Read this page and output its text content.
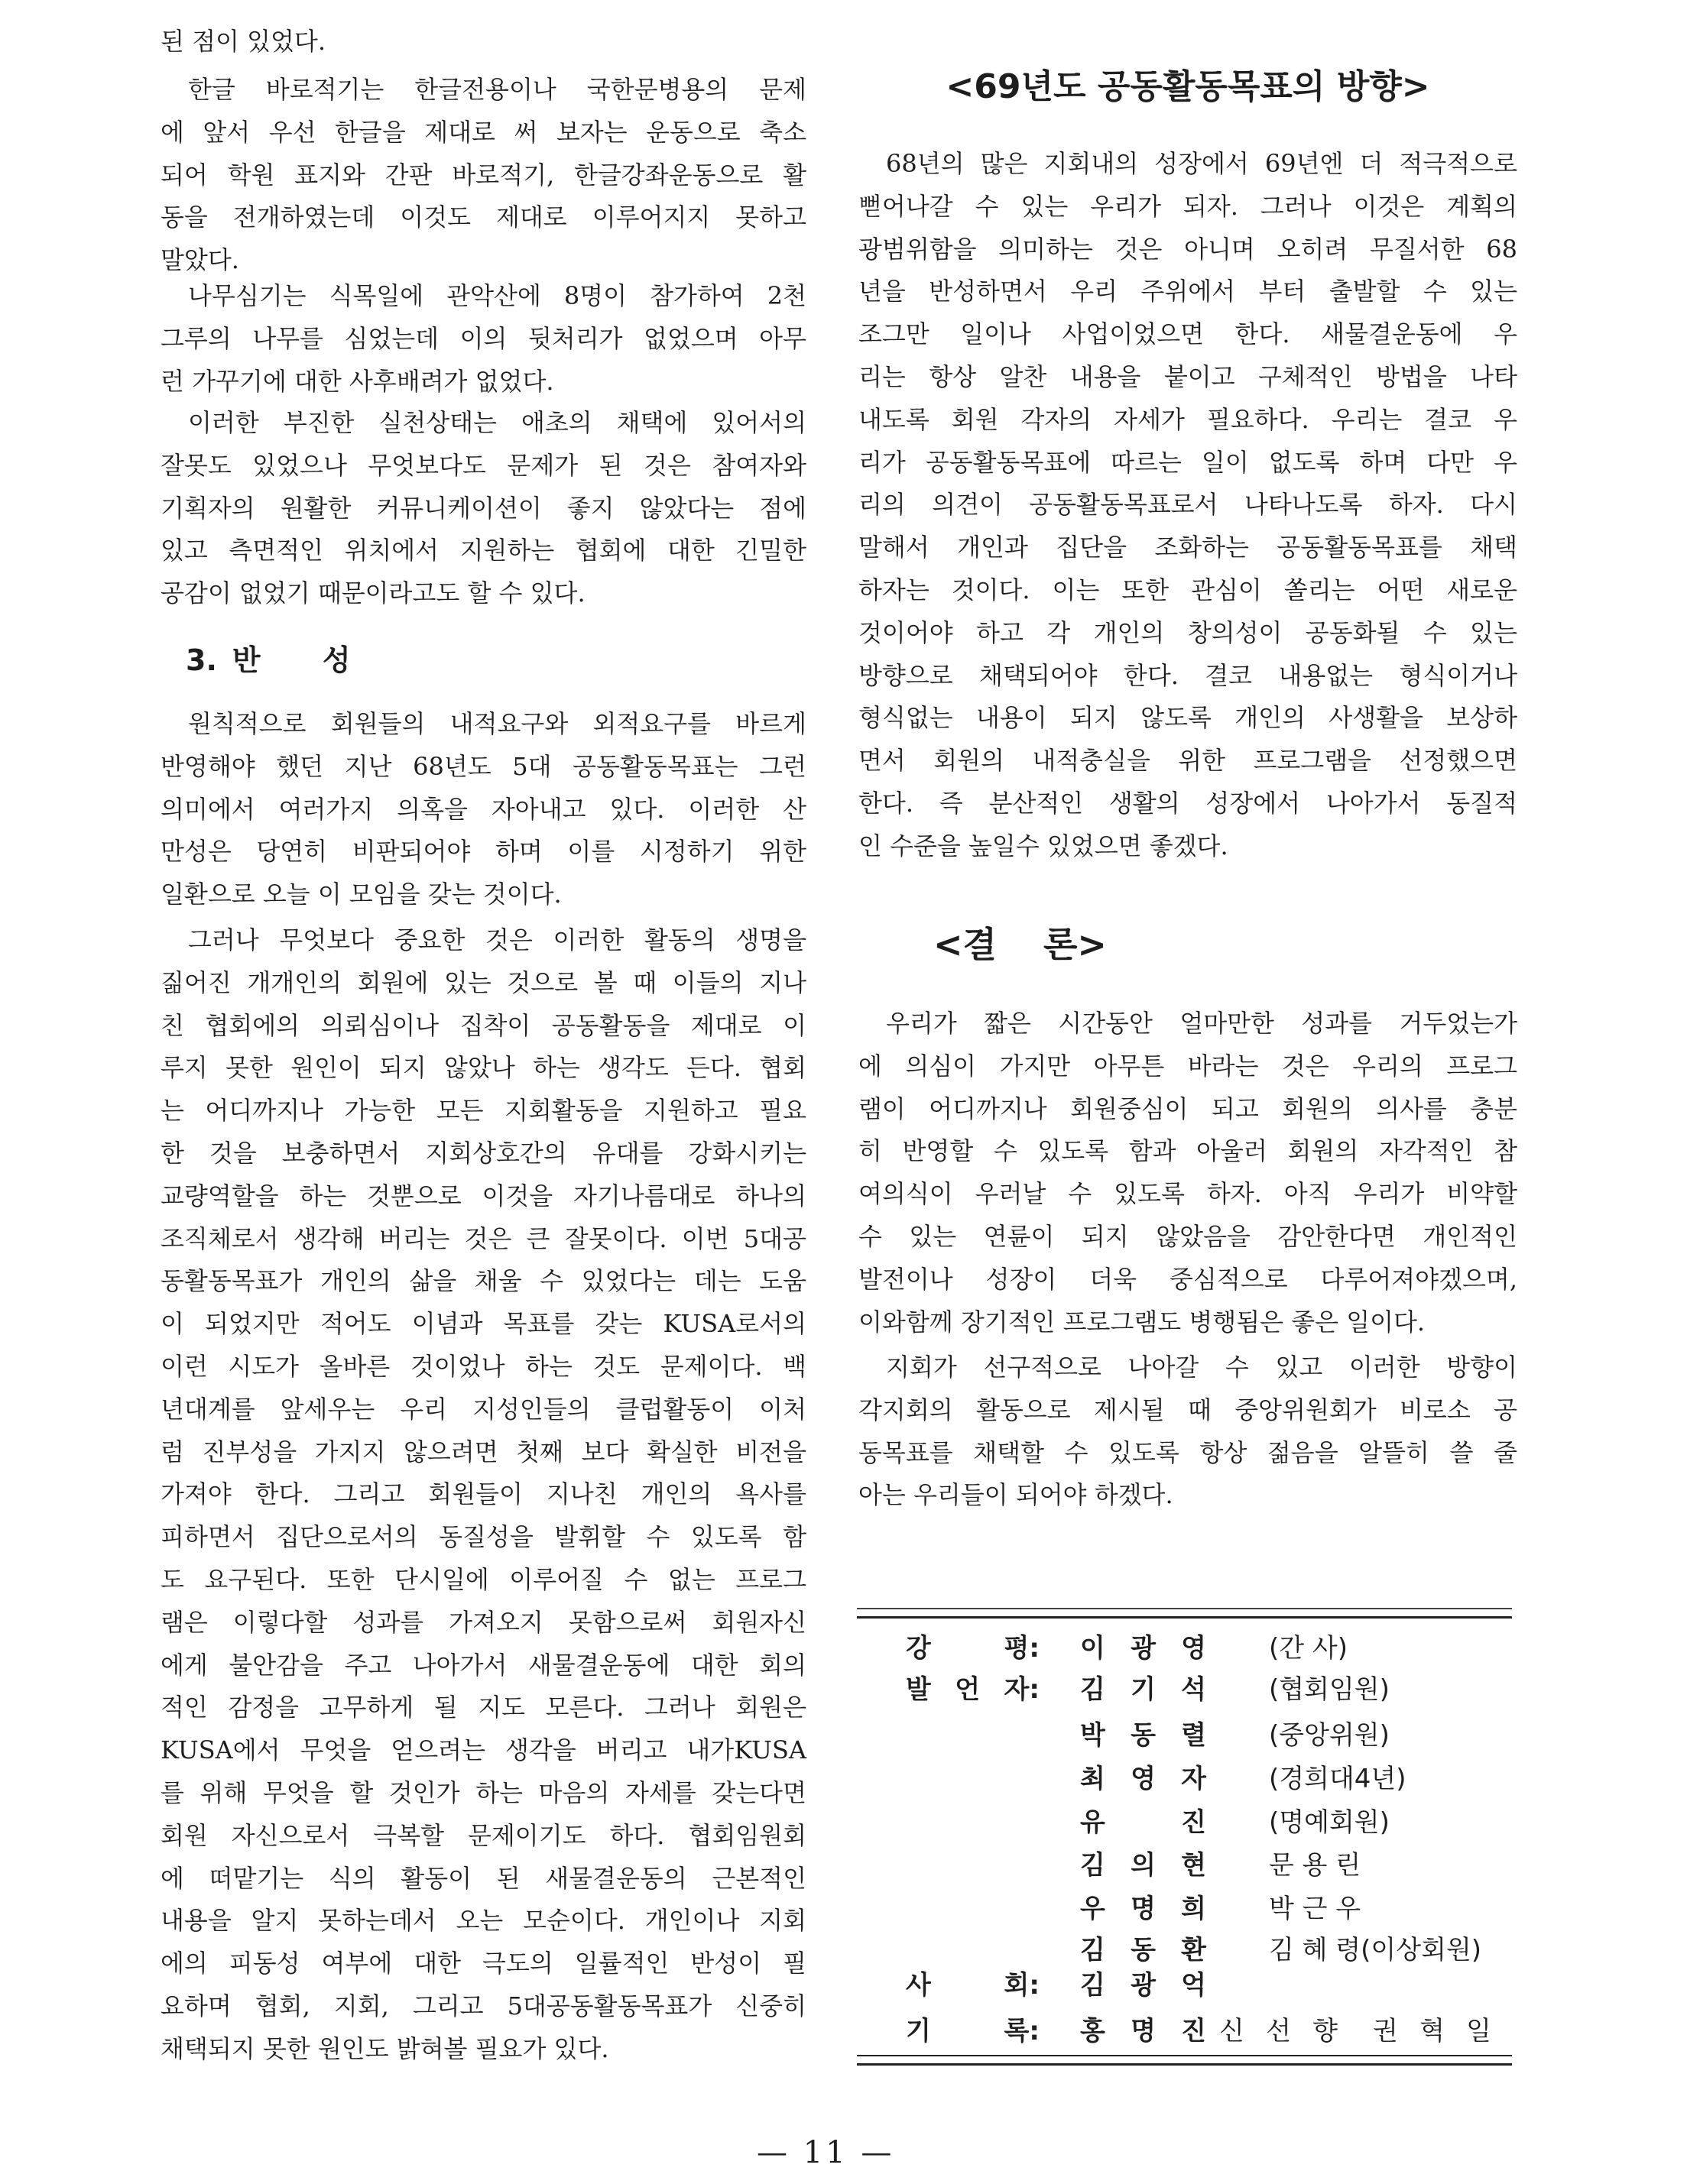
된 점이 있었다.
한글 바로적기는 한글전용이나 국한문병용의 문제
에 앞서 우선 한글을 제대로 써 보자는 운동으로 축소
되어 학원 표지와 간판 바로적기, 한글강좌운동으로 활
동을 전개하였는데 이것도 제대로 이루어지지 못하고
말았다.
나무심기는 식목일에 관악산에 8명이 참가하여 2천
그루의 나무를 심었는데 이의 뒷처리가 없었으며 아무
런 가꾸기에 대한 사후배려가 없었다.
이러한 부진한 실천상태는 애초의 채택에 있어서의
잘못도 있었으나 무엇보다도 문제가 된 것은 참여자와
기획자의 원활한 커뮤니케이션이 좋지 않았다는 점에
있고 측면적인 위치에서 지원하는 협회에 대한 긴밀한
공감이 없었기 때문이라고도 할 수 있다.
3. 반 성
원칙적으로 회원들의 내적요구와 외적요구를 바르게
반영해야 했던 지난 68년도 5대 공동활동목표는 그런
의미에서 여러가지 의혹을 자아내고 있다. 이러한 산
만성은 당연히 비판되어야 하며 이를 시정하기 위한
일환으로 오늘 이 모임을 갖는 것이다.
그러나 무엇보다 중요한 것은 이러한 활동의 생명을
짊어진 개개인의 회원에 있는 것으로 볼 때 이들의 지나
친 협회에의 의뢰심이나 집착이 공동활동을 제대로 이
루지 못한 원인이 되지 않았나 하는 생각도 든다. 협회
는 어디까지나 가능한 모든 지회활동을 지원하고 필요
한 것을 보충하면서 지회상호간의 유대를 강화시키는
교량역할을 하는 것뿐으로 이것을 자기나름대로 하나의
조직체로서 생각해 버리는 것은 큰 잘못이다. 이번 5대공
동활동목표가 개인의 삶을 채울 수 있었다는 데는 도움
이 되었지만 적어도 이념과 목표를 갖는 KUSA로서의
이런 시도가 올바른 것이었나 하는 것도 문제이다. 백
년대계를 앞세우는 우리 지성인들의 클럽활동이 이처
럼 진부성을 가지지 않으려면 첫째 보다 확실한 비전을
가져야 한다. 그리고 회원들이 지나친 개인의 욕사를
피하면서 집단으로서의 동질성을 발휘할 수 있도록 함
도 요구된다. 또한 단시일에 이루어질 수 없는 프로그
램은 이렇다할 성과를 가져오지 못함으로써 회원자신
에게 불안감을 주고 나아가서 새물결운동에 대한 회의
적인 감정을 고무하게 될 지도 모른다. 그러나 회원은
KUSA에서 무엇을 얻으려는 생각을 버리고 내가KUSA
를 위해 무엇을 할 것인가 하는 마음의 자세를 갖는다면
회원 자신으로서 극복할 문제이기도 하다. 협회임원회
에 떠맡기는 식의 활동이 된 새물결운동의 근본적인
내용을 알지 못하는데서 오는 모순이다. 개인이나 지회
에의 피동성 여부에 대한 극도의 일률적인 반성이 필
요하며 협회, 지회, 그리고 5대공동활동목표가 신중히
채택되지 못한 원인도 밝혀볼 필요가 있다.
<69년도 공동활동목표의 방향>
68년의 많은 지회내의 성장에서 69년엔 더 적극적으로
뻗어나갈 수 있는 우리가 되자. 그러나 이것은 계획의
광범위함을 의미하는 것은 아니며 오히려 무질서한 68
년을 반성하면서 우리 주위에서 부터 출발할 수 있는
조그만 일이나 사업이었으면 한다. 새물결운동에 우
리는 항상 알찬 내용을 붙이고 구체적인 방법을 나타
내도록 회원 각자의 자세가 필요하다. 우리는 결코 우
리가 공동활동목표에 따르는 일이 없도록 하며 다만 우
리의 의견이 공동활동목표로서 나타나도록 하자. 다시
말해서 개인과 집단을 조화하는 공동활동목표를 채택
하자는 것이다. 이는 또한 관심이 쏠리는 어떤 새로운
것이어야 하고 각 개인의 창의성이 공동화될 수 있는
방향으로 채택되어야 한다. 결코 내용없는 형식이거나
형식없는 내용이 되지 않도록 개인의 사생활을 보상하
면서 회원의 내적충실을 위한 프로그램을 선정했으면
한다. 즉 분산적인 생활의 성장에서 나아가서 동질적
인 수준을 높일수 있었으면 좋겠다.
<결 론>
우리가 짧은 시간동안 얼마만한 성과를 거두었는가
에 의심이 가지만 아무튼 바라는 것은 우리의 프로그
램이 어디까지나 회원중심이 되고 회원의 의사를 충분
히 반영할 수 있도록 함과 아울러 회원의 자각적인 참
여의식이 우러날 수 있도록 하자. 아직 우리가 비약할
수 있는 연륜이 되지 않았음을 감안한다면 개인적인
발전이나 성장이 더욱 중심적으로 다루어져야겠으며,
이와함께 장기적인 프로그램도 병행됨은 좋은 일이다.
지회가 선구적으로 나아갈 수 있고 이러한 방향이
각지회의 활동으로 제시될 때 중앙위원회가 비로소 공
동목표를 채택할 수 있도록 항상 젊음을 알뜰히 쓸 줄
아는 우리들이 되어야 하겠다.
강 평: 이 광 영 (간 사)
발 언 자: 김 기 석 (협회임원)
박 동 렬 (중앙위원)
최 영 자 (경희대4년)
유 진 (명예회원)
김 의 현 문 용 린
우 명 희 박 근 우
김 동 환 김 혜 령(이상회원)
사 회: 김 광 억
기 록: 홍 명 진 신 선 향 권 혁 일
— 11 —
